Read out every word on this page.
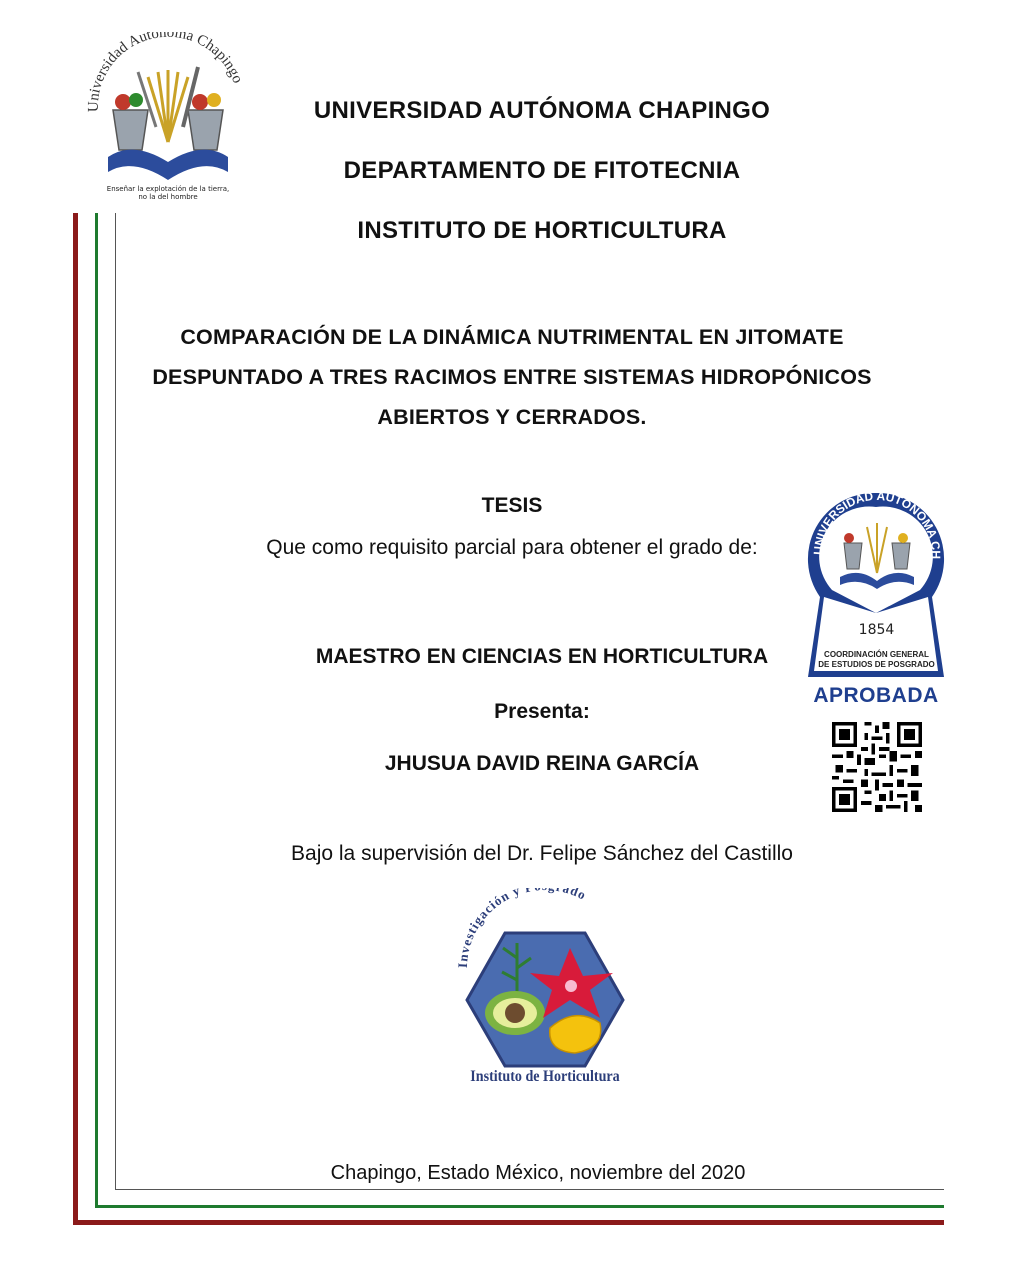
Universidad Autónoma Chapingo
Enseñar la explotación de la tierra,
no la del hombre
UNIVERSIDAD AUTÓNOMA CHAPINGO
DEPARTAMENTO DE FITOTECNIA
INSTITUTO DE HORTICULTURA
COMPARACIÓN DE LA DINÁMICA NUTRIMENTAL EN JITOMATE
DESPUNTADO A TRES RACIMOS ENTRE SISTEMAS HIDROPÓNICOS
ABIERTOS Y CERRADOS.
TESIS
Que como requisito parcial para obtener el grado de:
MAESTRO EN CIENCIAS EN HORTICULTURA
Presenta:
JHUSUA DAVID REINA GARCÍA
Bajo la supervisión del Dr. Felipe Sánchez del Castillo
UNIVERSIDAD AUTÓNOMA CH
1854
COORDINACIÓN GENERAL
DE ESTUDIOS DE POSGRADO
APROBADA
Investigación y ado
Instituto de Horticultura
Chapingo, Estado México, noviembre del 2020
